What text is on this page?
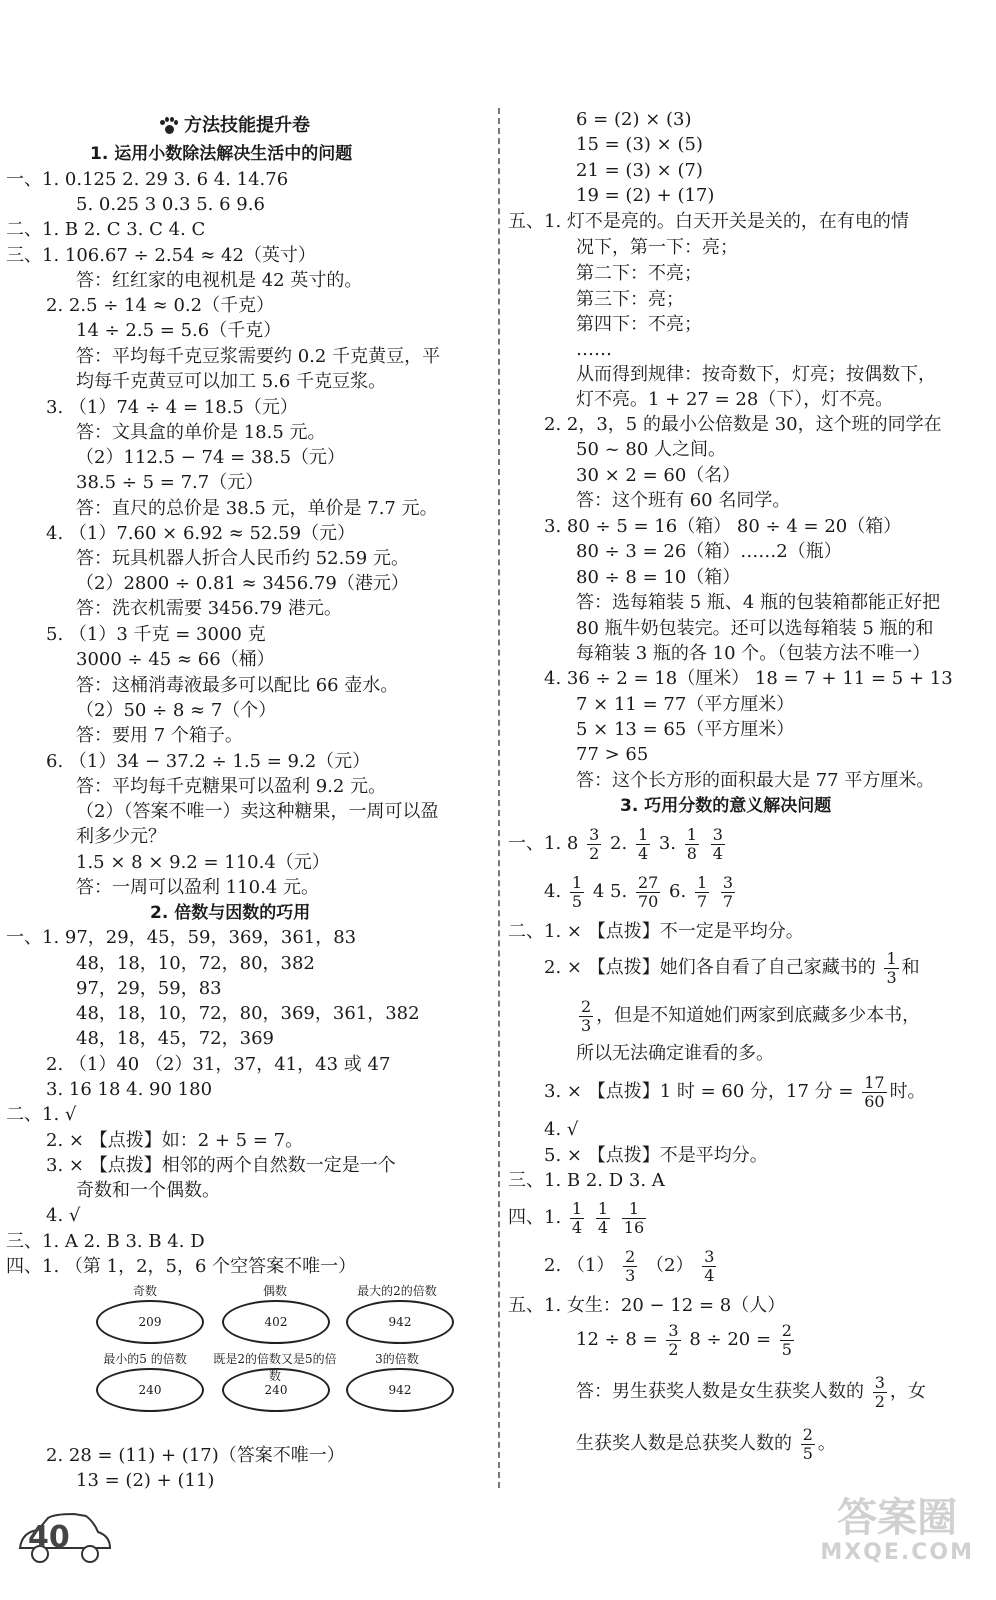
方法技能提升卷
1. 运用小数除法解决生活中的问题
一、1. 0.125 2. 29 3. 6 4. 14.76
5. 0.25 3 0.3 5. 6 9.6
二、1. B 2. C 3. C 4. C
三、1. 106.67 ÷ 2.54 ≈ 42（英寸）
答：红红家的电视机是 42 英寸的。
2. 2.5 ÷ 14 ≈ 0.2（千克）
14 ÷ 2.5 = 5.6（千克）
答：平均每千克豆浆需要约 0.2 千克黄豆，平
均每千克黄豆可以加工 5.6 千克豆浆。
3. （1）74 ÷ 4 = 18.5（元）
答：文具盒的单价是 18.5 元。
（2）112.5 − 74 = 38.5（元）
38.5 ÷ 5 = 7.7（元）
答：直尺的总价是 38.5 元，单价是 7.7 元。
4. （1）7.60 × 6.92 ≈ 52.59（元）
答：玩具机器人折合人民币约 52.59 元。
（2）2800 ÷ 0.81 ≈ 3456.79（港元）
答：洗衣机需要 3456.79 港元。
5. （1）3 千克 = 3000 克
3000 ÷ 45 ≈ 66（桶）
答：这桶消毒液最多可以配比 66 壶水。
（2）50 ÷ 8 ≈ 7（个）
答：要用 7 个箱子。
6. （1）34 − 37.2 ÷ 1.5 = 9.2（元）
答：平均每千克糖果可以盈利 9.2 元。
（2）（答案不唯一）卖这种糖果，一周可以盈
利多少元？
1.5 × 8 × 9.2 = 110.4（元）
答：一周可以盈利 110.4 元。
2. 倍数与因数的巧用
一、1. 97，29，45，59，369，361，83
48，18，10，72，80，382
97，29，59，83
48，18，10，72，80，369，361，382
48，18，45，72，369
2. （1）40 （2）31，37，41，43 或 47
3. 16 18 4. 90 180
二、1. √
2. × 【点拨】如：2 + 5 = 7。
3. × 【点拨】相邻的两个自然数一定是一个
奇数和一个偶数。
4. √
三、1. A 2. B 3. B 4. D
四、1. （第 1，2，5，6 个空答案不唯一）
奇数	偶数	最大的2的倍数
209	402	942
最小的5 的倍数	既是2的倍数又是5的倍数
3的倍数
240	240	942
2. 28 = (11) + (17)（答案不唯一）
13 = (2) + (11)
40
6 = (2) × (3)
15 = (3) × (5)
21 = (3) × (7)
19 = (2) + (17)
五、1. 灯不是亮的。白天开关是关的，在有电的情
况下，第一下：亮；
第二下：不亮；
第三下：亮；
第四下：不亮；
……
从而得到规律：按奇数下，灯亮；按偶数下，
灯不亮。1 + 27 = 28（下），灯不亮。
2. 2，3，5 的最小公倍数是 30，这个班的同学在
50 ~ 80 人之间。
30 × 2 = 60（名）
答：这个班有 60 名同学。
3. 80 ÷ 5 = 16（箱） 80 ÷ 4 = 20（箱）
80 ÷ 3 = 26（箱）……2（瓶）
80 ÷ 8 = 10（箱）
答：选每箱装 5 瓶、4 瓶的包装箱都能正好把
80 瓶牛奶包装完。还可以选每箱装 5 瓶的和
每箱装 3 瓶的各 10 个。（包装方法不唯一）
4. 36 ÷ 2 = 18（厘米） 18 = 7 + 11 = 5 + 13
7 × 11 = 77（平方厘米）
5 × 13 = 65（平方厘米）
77 > 65
答：这个长方形的面积最大是 77 平方厘米。
3. 巧用分数的意义解决问题
一、1. $8 \frac{3}{2} 2$. $\frac{1}{4} 3$. $\frac{1}{8}$
$\frac{3}{4}$
4. $\frac{1}{5} 4$ 5. $\frac{27}{70} 6$. $\frac{1}{7}$
$\frac{3}{7}$
二、1. × 【点拨】不一定是平均分。
2. × 【点拨】她们各自看了自己家藏书的 $\frac{1}{3}$ 和
$\frac{2}{3}$ ，但是不知道她们两家到底藏多少本书，
所以无法确定谁看的多。
3. × 【点拨】1 时 = 60 分，17 分 = $\frac{17}{60}$ 时。
4. √
5. × 【点拨】不是平均分。
三、1. B 2. D 3. A
四、1. $\frac{1}{4}$
$\frac{1}{4}$
$\frac{1}{16}$
2. $(1) \frac{2}{3} (2) \frac{3}{4}$
五、1. 女生：20 − 12 = 8（人）
$12 \div 8 = \frac{3}{2} 8 \div 20 = \frac{2}{5}$
答：男生获奖人数是女生获奖人数的 $\frac{3}{2}$ ，女
生获奖人数是总获奖人数的 $\frac{2}{5}$ 。
答案圈
MXQE.COM
